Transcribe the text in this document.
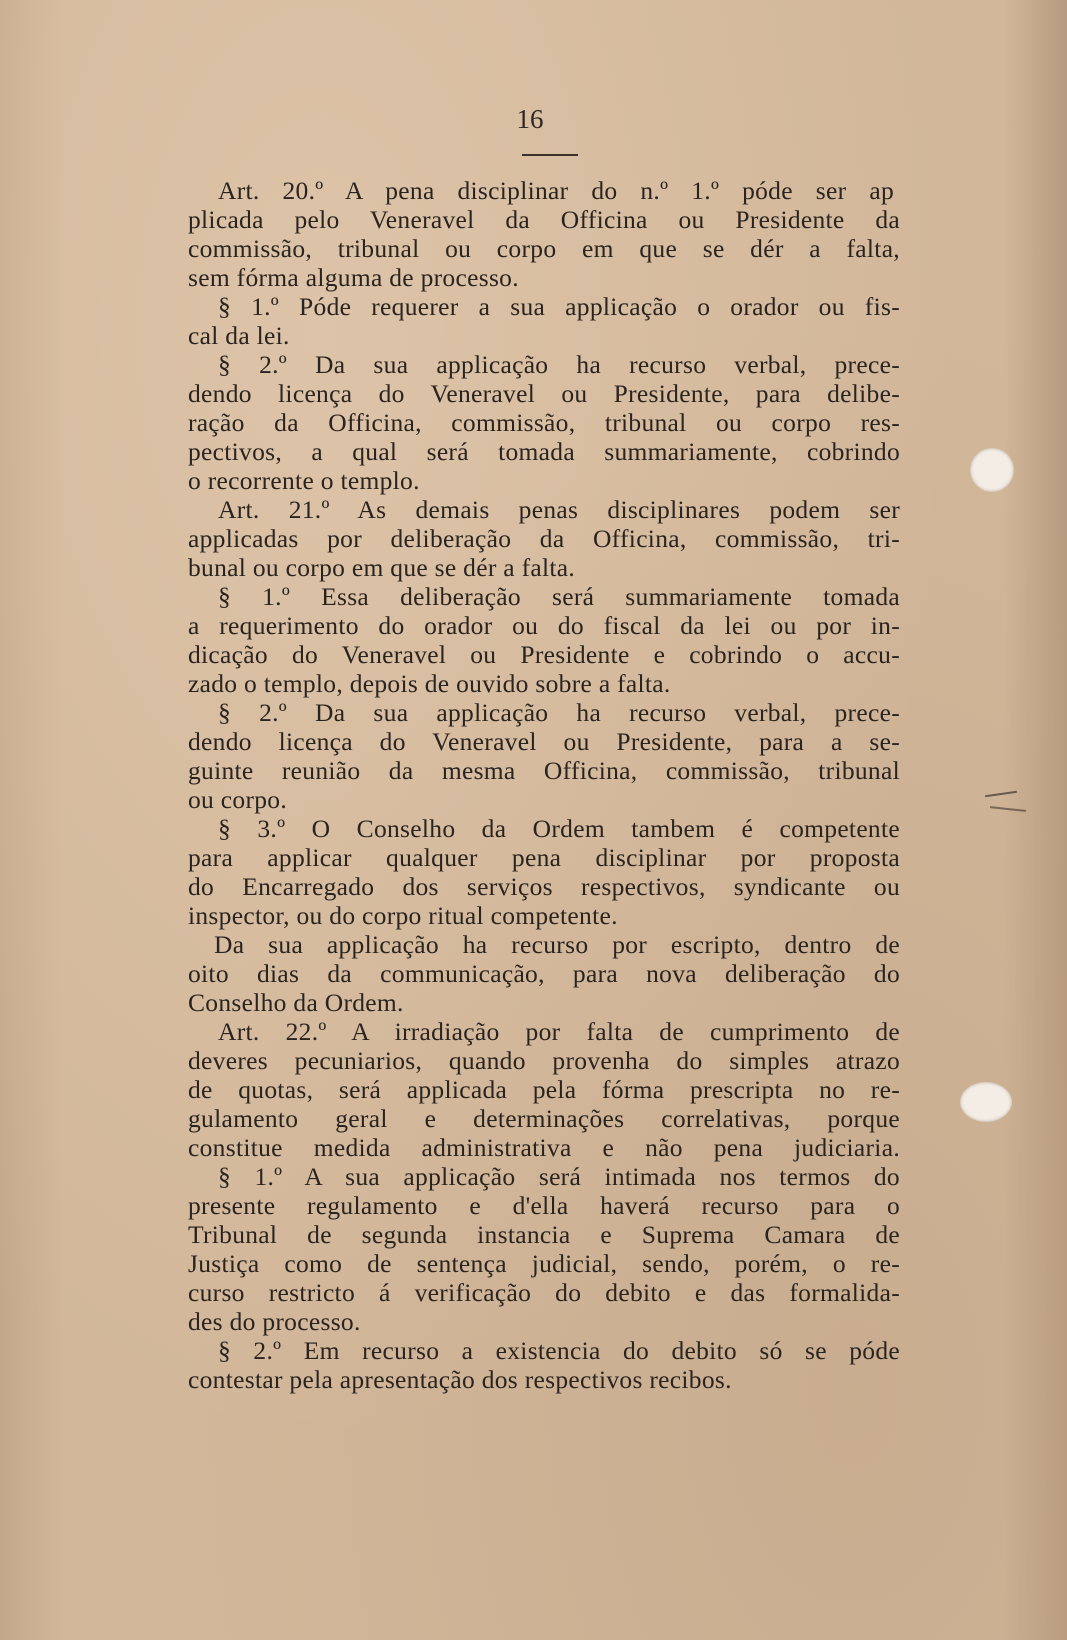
16
Art. 20.º A pena disciplinar do n.º 1.º póde ser ap
plicada pelo Veneravel da Officina ou Presidente da
commissão, tribunal ou corpo em que se dér a falta,
sem fórma alguma de processo.
§ 1.º Póde requerer a sua applicação o orador ou fis-
cal da lei.
§ 2.º Da sua applicação ha recurso verbal, prece-
dendo licença do Veneravel ou Presidente, para delibe-
ração da Officina, commissão, tribunal ou corpo res-
pectivos, a qual será tomada summariamente, cobrindo
o recorrente o templo.
Art. 21.º As demais penas disciplinares podem ser
applicadas por deliberação da Officina, commissão, tri-
bunal ou corpo em que se dér a falta.
§ 1.º Essa deliberação será summariamente tomada
a requerimento do orador ou do fiscal da lei ou por in-
dicação do Veneravel ou Presidente e cobrindo o accu-
zado o templo, depois de ouvido sobre a falta.
§ 2.º Da sua applicação ha recurso verbal, prece-
dendo licença do Veneravel ou Presidente, para a se-
guinte reunião da mesma Officina, commissão, tribunal
ou corpo.
§ 3.º O Conselho da Ordem tambem é competente
para applicar qualquer pena disciplinar por proposta
do Encarregado dos serviços respectivos, syndicante ou
inspector, ou do corpo ritual competente.
Da sua applicação ha recurso por escripto, dentro de
oito dias da communicação, para nova deliberação do
Conselho da Ordem.
Art. 22.º A irradiação por falta de cumprimento de
deveres pecuniarios, quando provenha do simples atrazo
de quotas, será applicada pela fórma prescripta no re-
gulamento geral e determinações correlativas, porque
constitue medida administrativa e não pena judiciaria.
§ 1.º A sua applicação será intimada nos termos do
presente regulamento e d'ella haverá recurso para o
Tribunal de segunda instancia e Suprema Camara de
Justiça como de sentença judicial, sendo, porém, o re-
curso restricto á verificação do debito e das formalida-
des do processo.
§ 2.º Em recurso a existencia do debito só se póde
contestar pela apresentação dos respectivos recibos.
